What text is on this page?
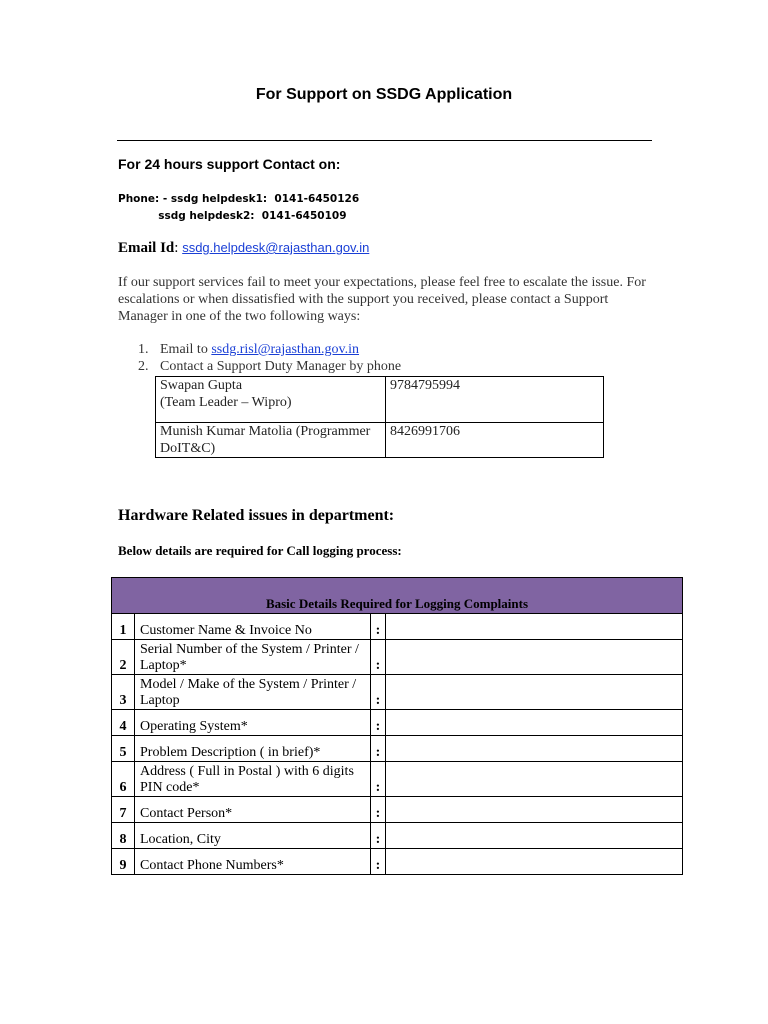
For Support on SSDG Application
For 24 hours support Contact on:
Phone: - ssdg helpdesk1:  0141-6450126
ssdg helpdesk2:  0141-6450109
Email Id: ssdg.helpdesk@rajasthan.gov.in
If our support services fail to meet your expectations, please feel free to escalate the issue. For escalations or when dissatisfied with the support you received, please contact a Support Manager in one of the two following ways:
1. Email to ssdg.risl@rajasthan.gov.in
2. Contact a Support Duty Manager by phone
Swapan Gupta
(Team Leader – Wipro)	9784795994

Munish Kumar Matolia (Programmer
DoIT&C)	8426991706
Hardware Related issues in department:
Below details are required for Call logging process:
Basic Details Required for Logging Complaints			
1	Customer Name & Invoice No	:	
2	Serial Number of the System / Printer / Laptop*	:	
3	Model / Make of the System / Printer / Laptop	:	
4	Operating System*	:	
5	Problem Description ( in brief)*	:	
6	Address ( Full in Postal ) with 6 digits PIN code*	:	
7	Contact Person*	:	
8	Location, City	:	
9	Contact Phone Numbers*	:	
